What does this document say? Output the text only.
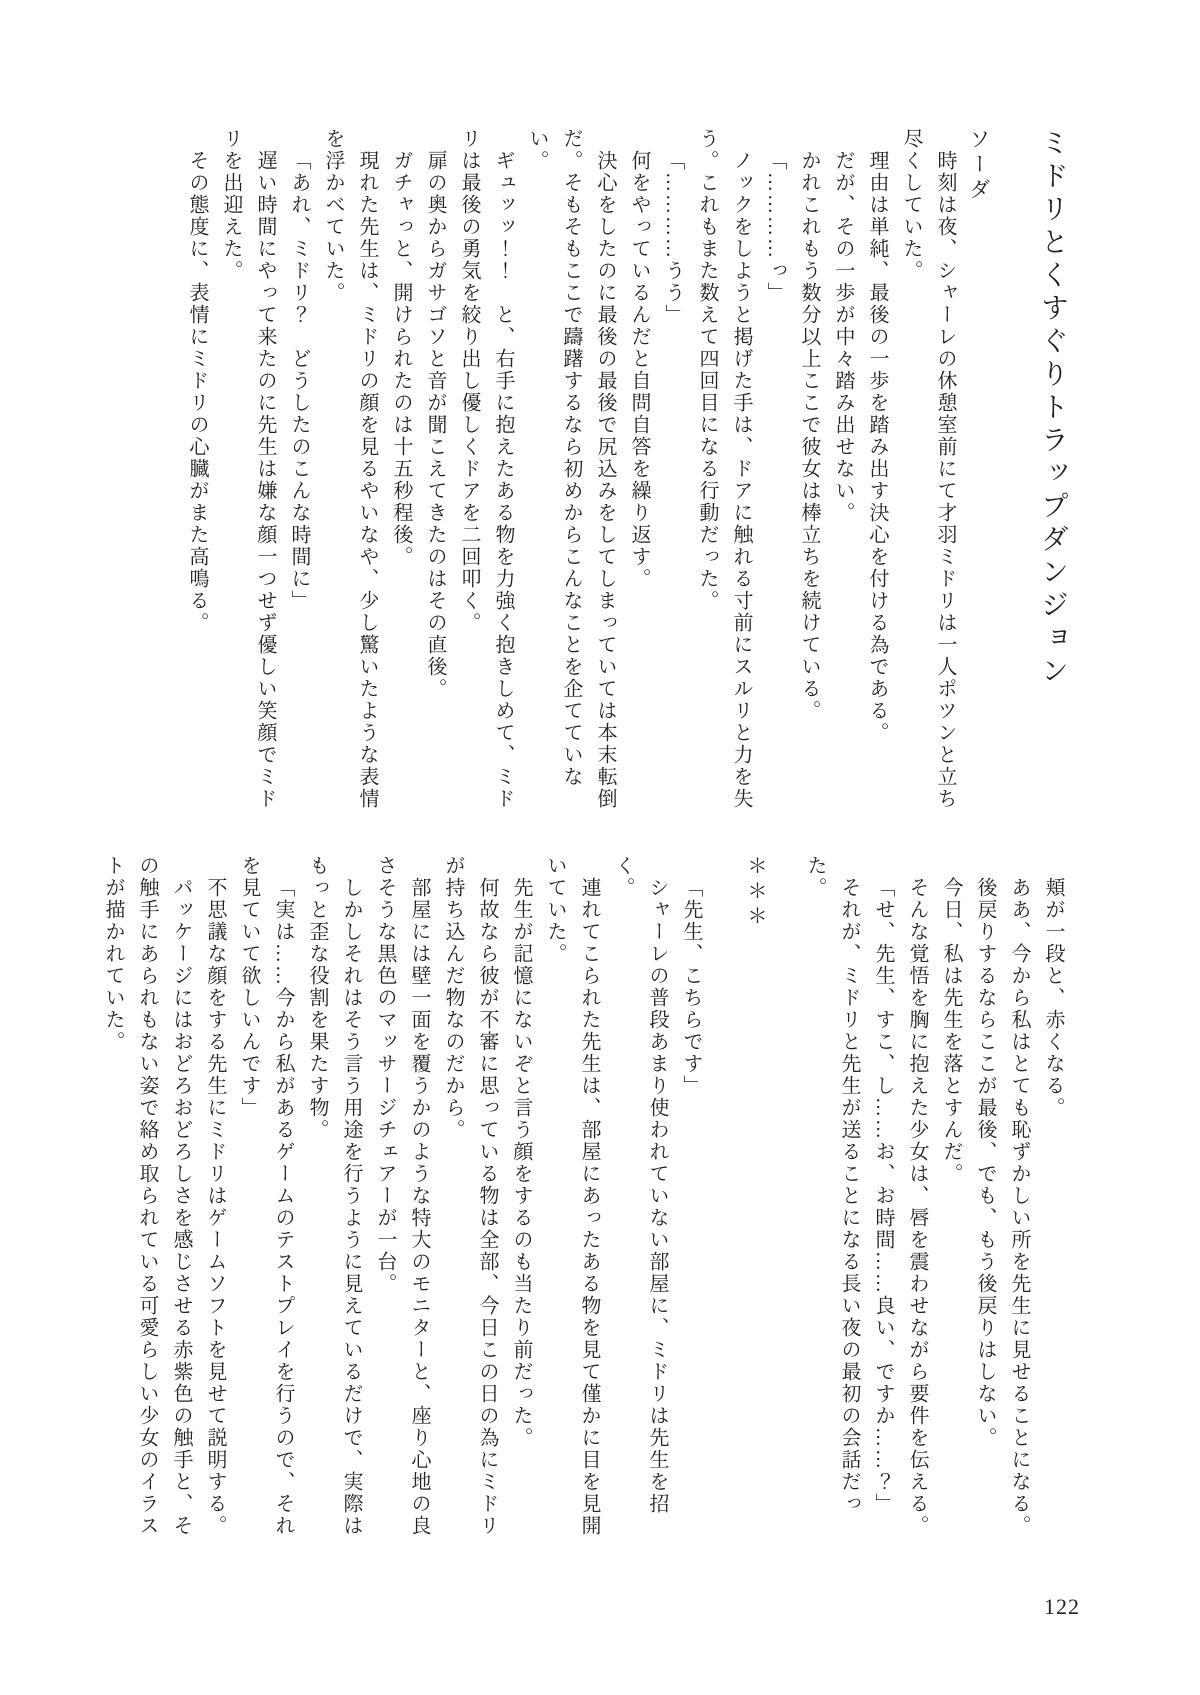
ミドリとくすぐりトラップダンジョン

ソーダ

時刻は夜、シャーレの休憩室前にて才羽ミドリは一人ポツンと立ち尽くしていた。

理由は単純、最後の一歩を踏み出す決心を付ける為である。

だが、その一歩が中々踏み出せない。

かれこれもう数分以上ここで彼女は棒立ちを続けている。

「…………っ」

ノックをしようと掲げた手は、ドアに触れる寸前にスルリと力を失う。これもまた数えて四回目になる行動だった。

「…………うう」

何をやっているんだと自問自答を繰り返す。

決心をしたのに最後の最後で尻込みをしてしまっていては本末転倒だ。そもそもここで躊躇するなら初めからこんなことを企てていない。

ギュッッ！！　と、右手に抱えたある物を力強く抱きしめて、ミドリは最後の勇気を絞り出し優しくドアを二回叩く。

扉の奥からガサゴソと音が聞こえてきたのはその直後。

ガチャっと、開けられたのは十五秒程後。

現れた先生は、ミドリの顔を見るやいなや、少し驚いたような表情を浮かべていた。

「あれ、ミドリ？　どうしたのこんな時間に」

遅い時間にやって来たのに先生は嫌な顔一つせず優しい笑顔でミドリを出迎えた。

その態度に、表情にミドリの心臓がまた高鳴る。

頬が一段と、赤くなる。

ああ、今から私はとても恥ずかしい所を先生に見せることになる。

後戻りするならここが最後、でも、もう後戻りはしない。

今日、私は先生を落とすんだ。

そんな覚悟を胸に抱えた少女は、唇を震わせながら要件を伝える。

「せ、先生、すこ、し……お、お時間……良い、ですか……？」

それが、ミドリと先生が送ることになる長い夜の最初の会話だった。

＊＊＊

「先生、こちらです」

シャーレの普段あまり使われていない部屋に、ミドリは先生を招く。

連れてこられた先生は、部屋にあったある物を見て僅かに目を見開いていた。

先生が記憶にないぞと言う顔をするのも当たり前だった。

何故なら彼が不審に思っている物は全部、今日この日の為にミドリが持ち込んだ物なのだから。

部屋には壁一面を覆うかのような特大のモニターと、座り心地の良さそうな黒色のマッサージチェアーが一台。

しかしそれはそう言う用途を行うように見えているだけで、実際はもっと歪な役割を果たす物。

「実は……今から私があるゲームのテストプレイを行うので、それを見ていて欲しいんです」

不思議な顔をする先生にミドリはゲームソフトを見せて説明する。

パッケージにはおどろおどろしさを感じさせる赤紫色の触手と、その触手にあられもない姿で絡め取られている可愛らしい少女のイラストが描かれていた。

122
